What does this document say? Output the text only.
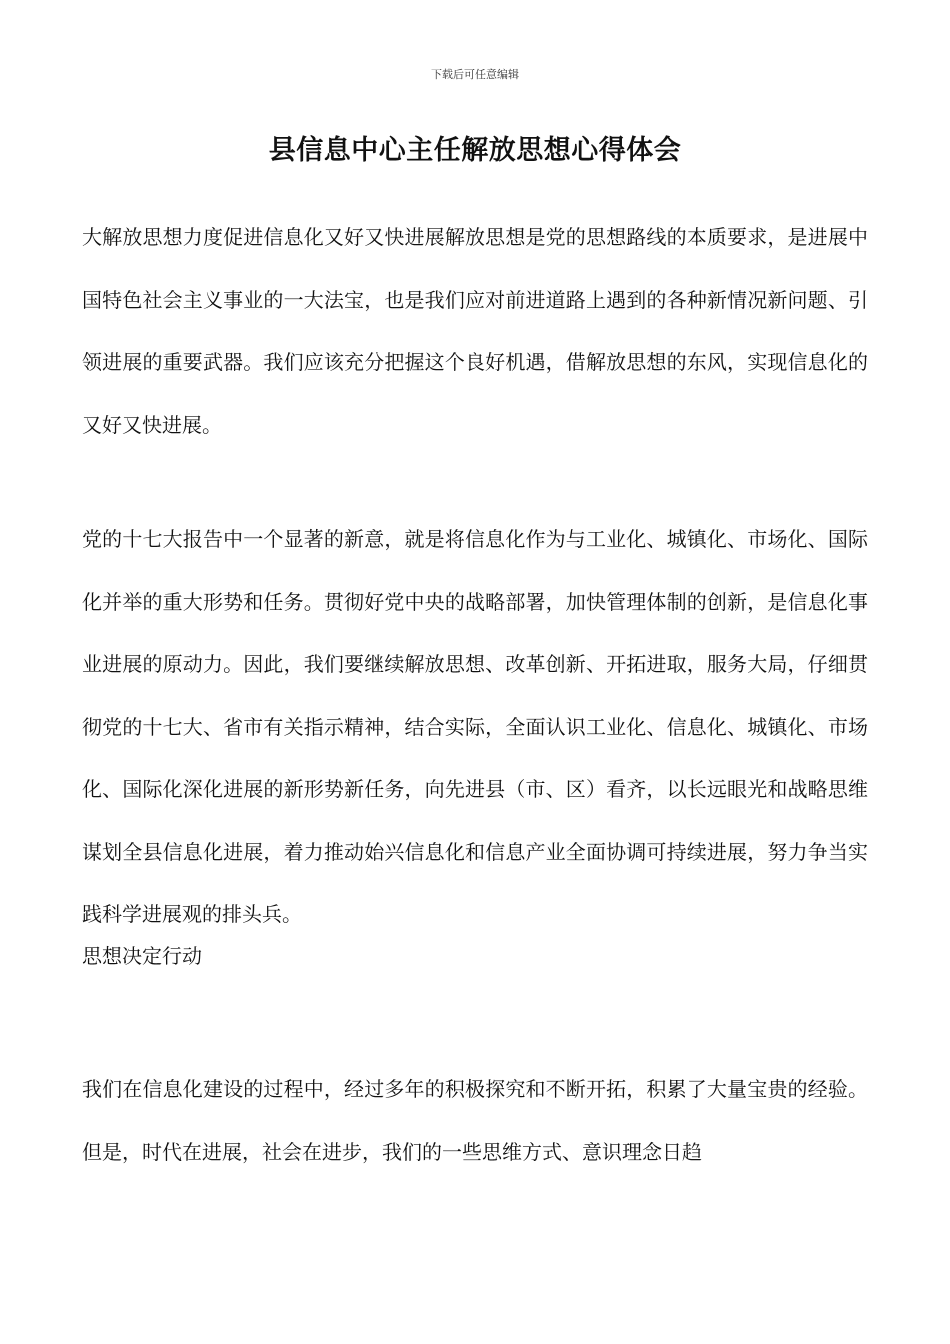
下载后可任意编辑
县信息中心主任解放思想心得体会

大解放思想力度促进信息化又好又快进展解放思想是党的思想路线的本质要求，是进展中国特色社会主义事业的一大法宝，也是我们应对前进道路上遇到的各种新情况新问题、引领进展的重要武器。我们应该充分把握这个良好机遇，借解放思想的东风，实现信息化的又好又快进展。

党的十七大报告中一个显著的新意，就是将信息化作为与工业化、城镇化、市场化、国际化并举的重大形势和任务。贯彻好党中央的战略部署，加快管理体制的创新，是信息化事业进展的原动力。因此，我们要继续解放思想、改革创新、开拓进取，服务大局，仔细贯彻党的十七大、省市有关指示精神，结合实际，全面认识工业化、信息化、城镇化、市场化、国际化深化进展的新形势新任务，向先进县（市、区）看齐，以长远眼光和战略思维谋划全县信息化进展，着力推动始兴信息化和信息产业全面协调可持续进展，努力争当实践科学进展观的排头兵。
思想决定行动

我们在信息化建设的过程中，经过多年的积极探究和不断开拓，积累了大量宝贵的经验。但是，时代在进展，社会在进步，我们的一些思维方式、意识理念日趋
